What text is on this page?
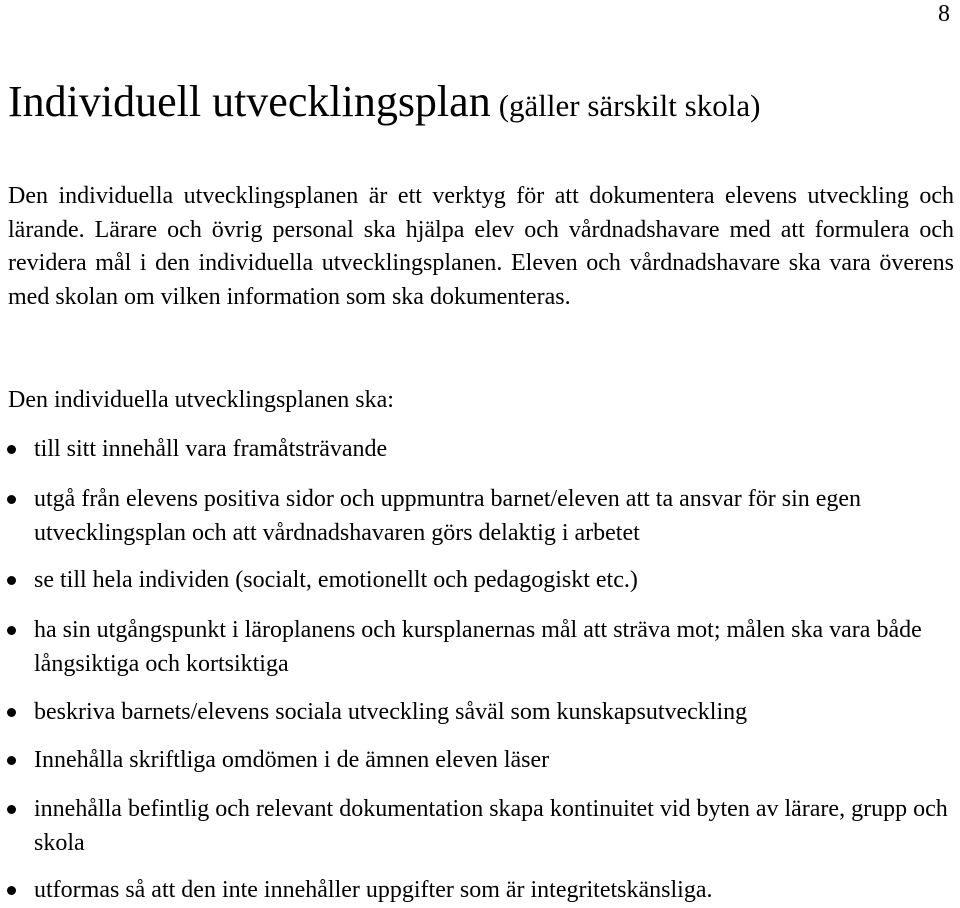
8
Individuell utvecklingsplan (gäller särskilt skola)

Den individuella utvecklingsplanen är ett verktyg för att dokumentera elevens utveckling och lärande. Lärare och övrig personal ska hjälpa elev och vårdnadshavare med att formulera och revidera mål i den individuella utvecklingsplanen. Eleven och vårdnadshavare ska vara överens med skolan om vilken information som ska dokumenteras.

Den individuella utvecklingsplanen ska:

till sitt innehåll vara framåtsträvande
utgå från elevens positiva sidor och uppmuntra barnet/eleven att ta ansvar för sin egen utvecklingsplan och att vårdnadshavaren görs delaktig i arbetet
se till hela individen (socialt, emotionellt och pedagogiskt etc.)
ha sin utgångspunkt i läroplanens och kursplanernas mål att sträva mot; målen ska vara både långsiktiga och kortsiktiga
beskriva barnets/elevens sociala utveckling såväl som kunskapsutveckling
Innehålla skriftliga omdömen i de ämnen eleven läser
innehålla befintlig och relevant dokumentation skapa kontinuitet vid byten av lärare, grupp och skola
utformas så att den inte innehåller uppgifter som är integritetskänsliga.
